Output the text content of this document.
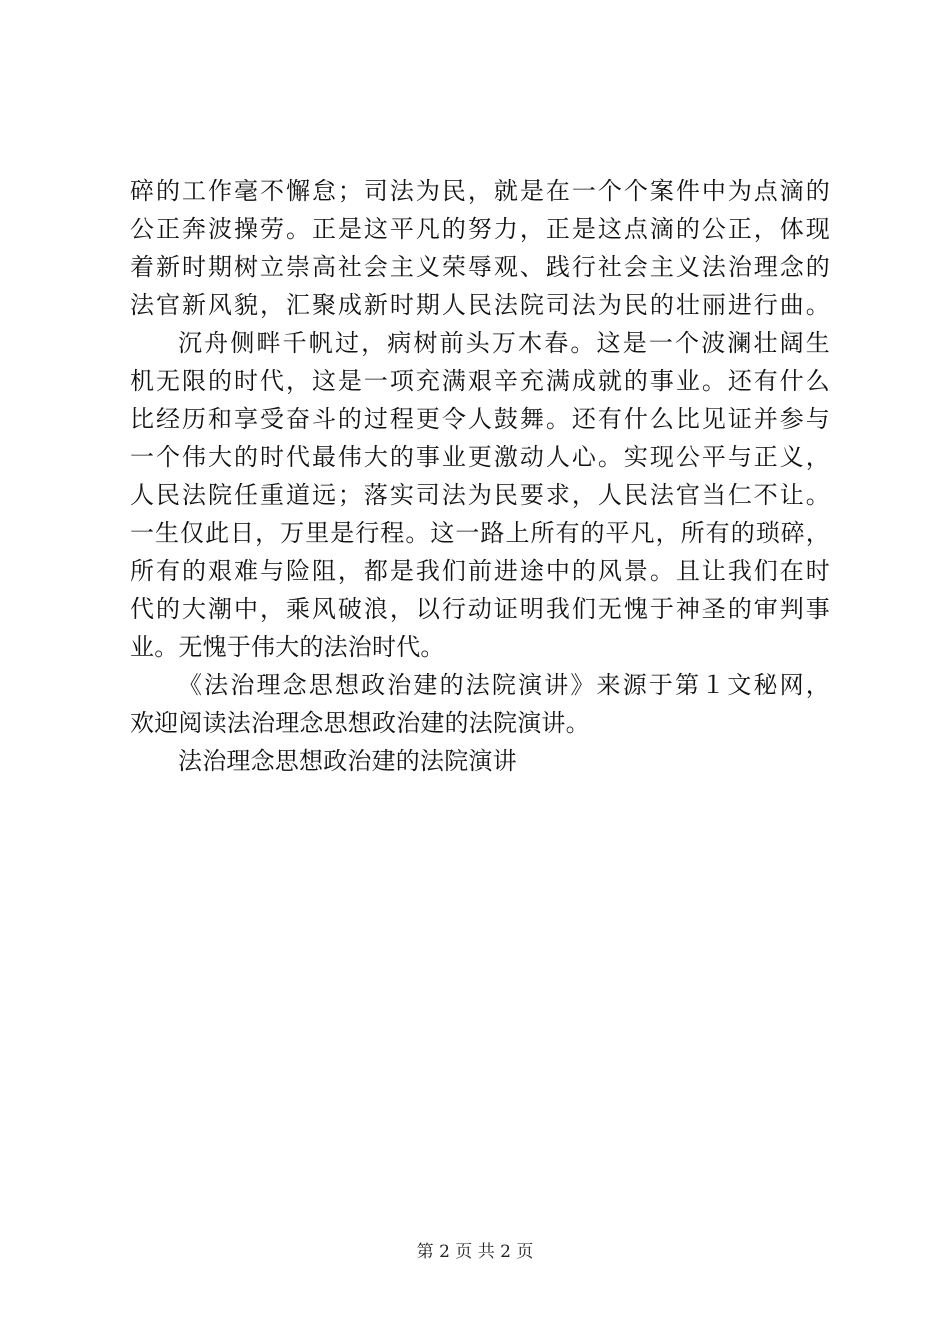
碎的工作毫不懈怠；司法为民，就是在一个个案件中为点滴的
公正奔波操劳。正是这平凡的努力，正是这点滴的公正，体现
着新时期树立崇高社会主义荣辱观、践行社会主义法治理念的
法官新风貌，汇聚成新时期人民法院司法为民的壮丽进行曲。
沉舟侧畔千帆过，病树前头万木春。这是一个波澜壮阔生
机无限的时代，这是一项充满艰辛充满成就的事业。还有什么
比经历和享受奋斗的过程更令人鼓舞。还有什么比见证并参与
一个伟大的时代最伟大的事业更激动人心。实现公平与正义，
人民法院任重道远；落实司法为民要求，人民法官当仁不让。
一生仅此日，万里是行程。这一路上所有的平凡，所有的琐碎，
所有的艰难与险阻，都是我们前进途中的风景。且让我们在时
代的大潮中，乘风破浪，以行动证明我们无愧于神圣的审判事
业。无愧于伟大的法治时代。
《法治理念思想政治建的法院演讲》来源于第１文秘网，
欢迎阅读法治理念思想政治建的法院演讲。
法治理念思想政治建的法院演讲
第 2 页 共 2 页
